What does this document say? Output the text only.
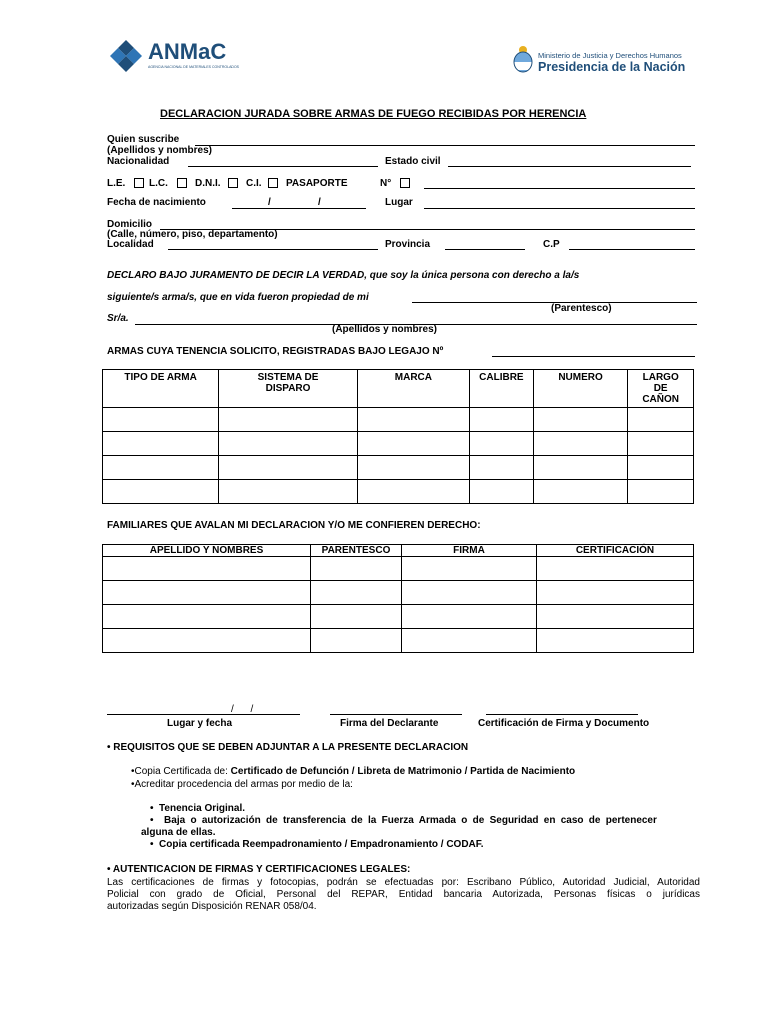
ANMaC
AGENCIA NACIONAL DE MATERIALES CONTROLADOS
Ministerio de Justicia y Derechos Humanos
Presidencia de la Nación
DECLARACION JURADA SOBRE ARMAS DE FUEGO RECIBIDAS POR HERENCIA
Quien suscribe
(Apellidos y nombres)
Nacionalidad	Estado civil
L.E. L.C.	D.N.I.	C.I. PASAPORTE	N°
Fecha de nacimiento	/	/	Lugar
Domicilio
(Calle, número, piso, departamento)
Localidad	Provincia	C.P
DECLARO BAJO JURAMENTO DE DECIR LA VERDAD, que soy la única persona con derecho a la/s
siguiente/s arma/s, que en vida fueron propiedad de mi
(Parentesco)
Sr/a.
(Apellidos y nombres)
ARMAS CUYA TENENCIA SOLICITO, REGISTRADAS BAJO LEGAJO Nº
TIPO DE ARMA	SISTEMA DE DISPARO	MARCA	CALIBRE	NUMERO	LARGO DE CAÑON

FAMILIARES QUE AVALAN MI DECLARACION Y/O ME CONFIEREN DERECHO:
APELLIDO Y NOMBRES	PARENTESCO	FIRMA	CERTIFICACIÓN

/      /
Lugar y fecha	Firma del Declarante	Certificación de Firma y Documento
• REQUISITOS QUE SE DEBEN ADJUNTAR A LA PRESENTE DECLARACION
•Copia Certificada de: Certificado de Defunción / Libreta de Matrimonio / Partida de Nacimiento
•Acreditar procedencia del armas por medio de la:
•  Tenencia Original.
•  Baja o autorización de transferencia de la Fuerza Armada o de Seguridad en caso de pertenecer
alguna de ellas.
•  Copia certificada Reempadronamiento / Empadronamiento / CODAF.
• AUTENTICACION DE FIRMAS Y CERTIFICACIONES LEGALES:
Las certificaciones de firmas y fotocopias, podrán se efectuadas por: Escribano Público, Autoridad Judicial, Autoridad
Policial con grado de Oficial, Personal del REPAR, Entidad bancaria Autorizada, Personas físicas o jurídicas
autorizadas según Disposición RENAR 058/04.
